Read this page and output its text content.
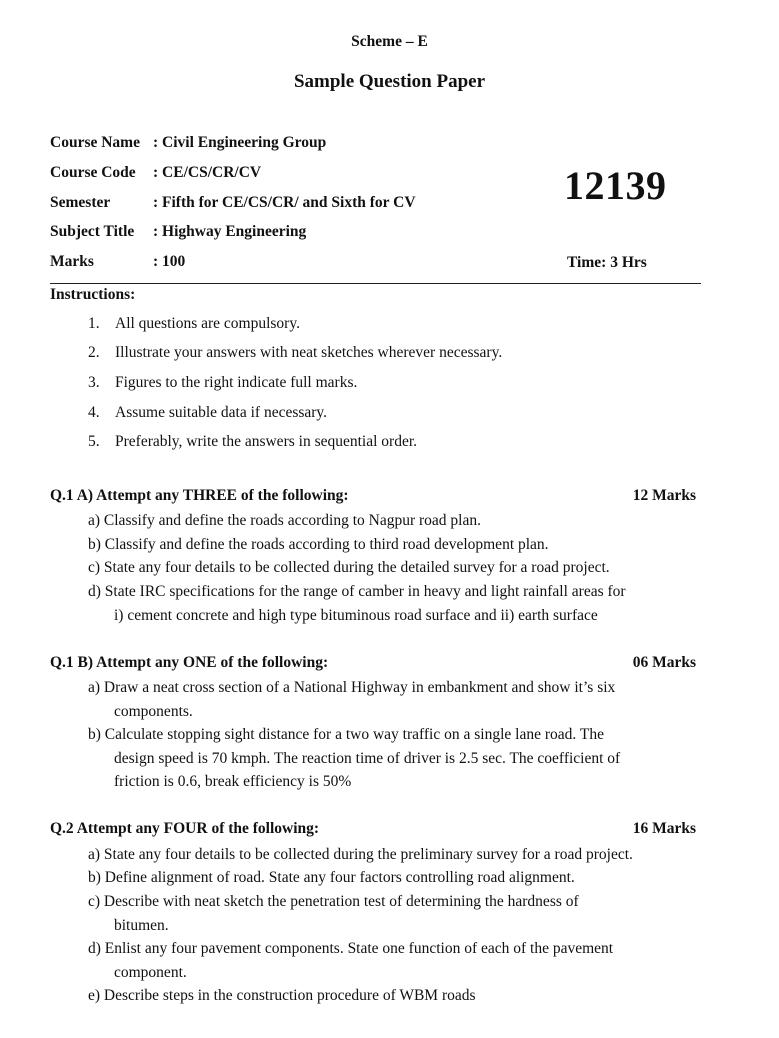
Scheme – E
Sample Question Paper
Course Name : Civil Engineering Group
Course Code : CE/CS/CR/CV
Semester	: Fifth for CE/CS/CR/ and Sixth for CV
Subject Title : Highway Engineering
Marks	: 100
12139
Time: 3 Hrs
Instructions:
1. All questions are compulsory.
2. Illustrate your answers with neat sketches wherever necessary.
3. Figures to the right indicate full marks.
4. Assume suitable data if necessary.
5. Preferably, write the answers in sequential order.
Q.1 A) Attempt any THREE of the following:	12 Marks
a) Classify and define the roads according to Nagpur road plan.
b) Classify and define the roads according to third road development plan.
c) State any four details to be collected during the detailed survey for a road project.
d) State IRC specifications for the range of camber in heavy and light rainfall areas for
i) cement concrete and high type bituminous road surface and ii) earth surface
Q.1 B) Attempt any ONE of the following:	06 Marks
a) Draw a neat cross section of a National Highway in embankment and show it’s six
components.
b) Calculate stopping sight distance for a two way traffic on a single lane road. The
design speed is 70 kmph. The reaction time of driver is 2.5 sec. The coefficient of
friction is 0.6, break efficiency is 50%
Q.2 Attempt any FOUR of the following:	16 Marks
a) State any four details to be collected during the preliminary survey for a road project.
b) Define alignment of road. State any four factors controlling road alignment.
c) Describe with neat sketch the penetration test of determining the hardness of
bitumen.
d) Enlist any four pavement components. State one function of each of the pavement
component.
e) Describe steps in the construction procedure of WBM roads
